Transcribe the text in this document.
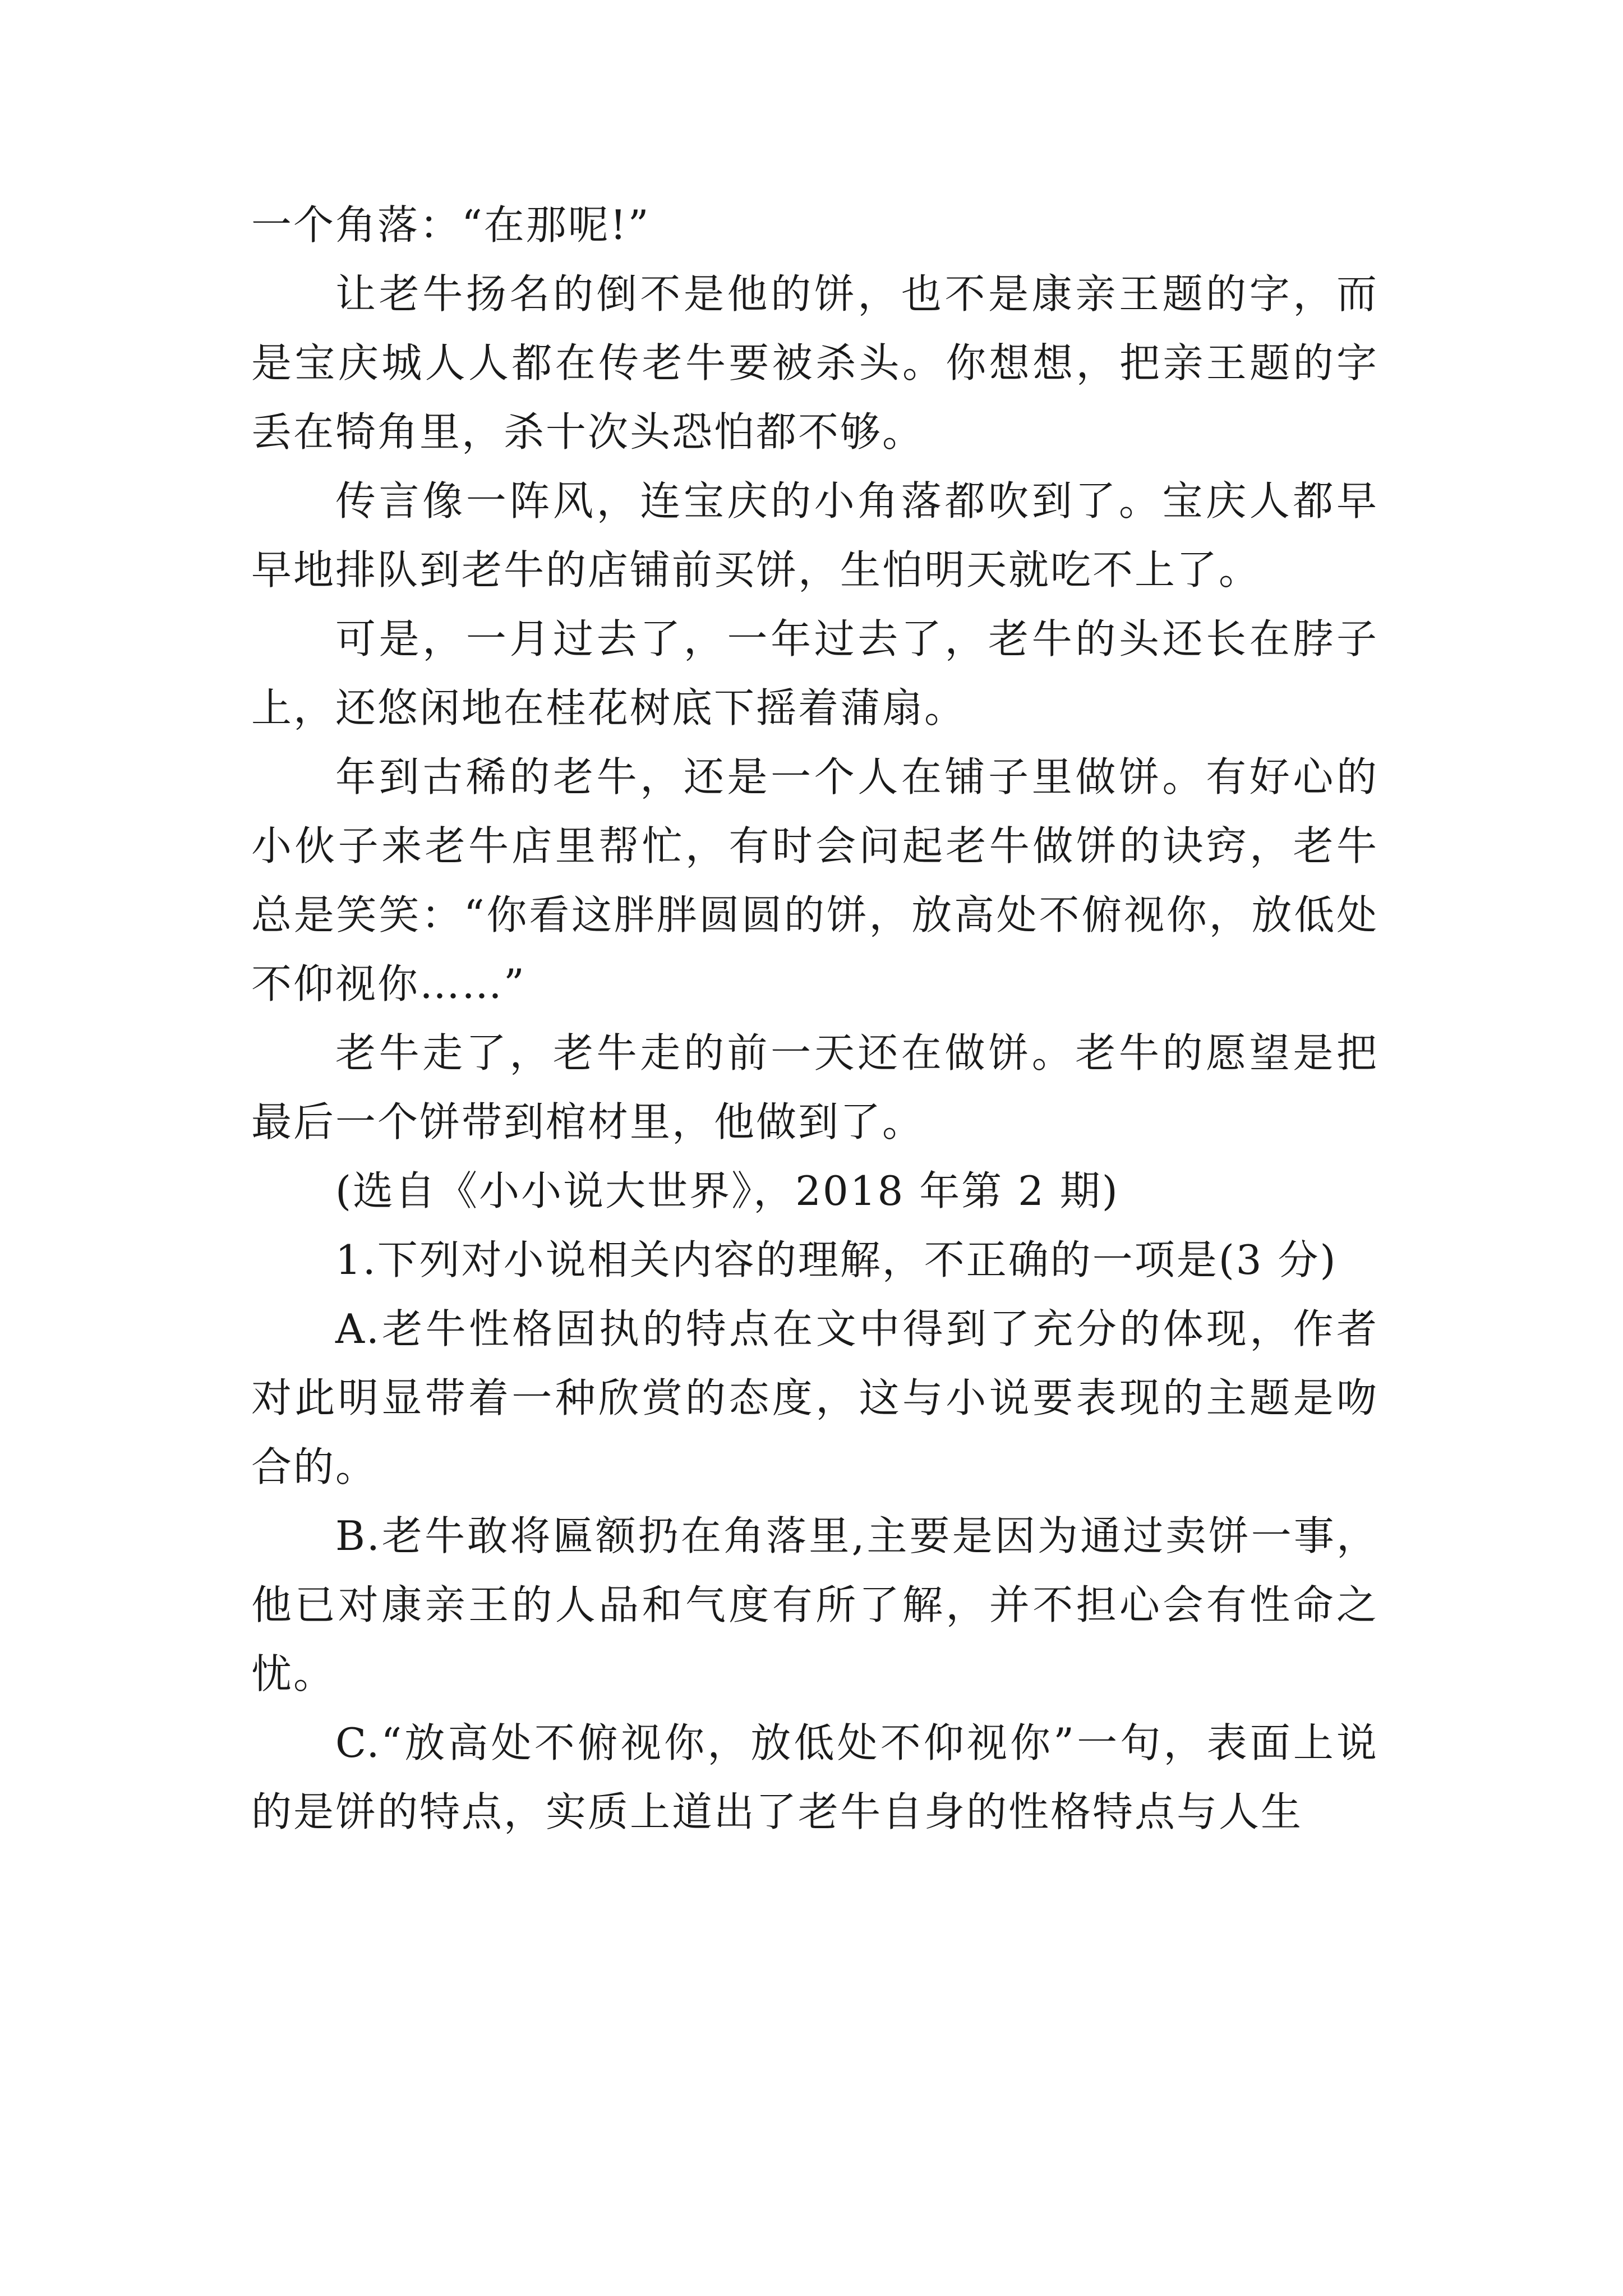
一个角落：“在那呢!”

让老牛扬名的倒不是他的饼，也不是康亲王题的字，而是宝庆城人人都在传老牛要被杀头。你想想，把亲王题的字丢在犄角里，杀十次头恐怕都不够。

传言像一阵风，连宝庆的小角落都吹到了。宝庆人都早早地排队到老牛的店铺前买饼，生怕明天就吃不上了。

可是，一月过去了，一年过去了，老牛的头还长在脖子上，还悠闲地在桂花树底下摇着蒲扇。

年到古稀的老牛，还是一个人在铺子里做饼。有好心的小伙子来老牛店里帮忙，有时会问起老牛做饼的诀窍，老牛总是笑笑：“你看这胖胖圆圆的饼，放高处不俯视你，放低处不仰视你……”

老牛走了，老牛走的前一天还在做饼。老牛的愿望是把最后一个饼带到棺材里，他做到了。

(选自《小小说大世界》，2018 年第 2 期)

1.下列对小说相关内容的理解，不正确的一项是(3 分)

A.老牛性格固执的特点在文中得到了充分的体现，作者对此明显带着一种欣赏的态度，这与小说要表现的主题是吻合的。

B.老牛敢将匾额扔在角落里,主要是因为通过卖饼一事，他已对康亲王的人品和气度有所了解，并不担心会有性命之忧。

C.“放高处不俯视你，放低处不仰视你”一句，表面上说的是饼的特点，实质上道出了老牛自身的性格特点与人生
